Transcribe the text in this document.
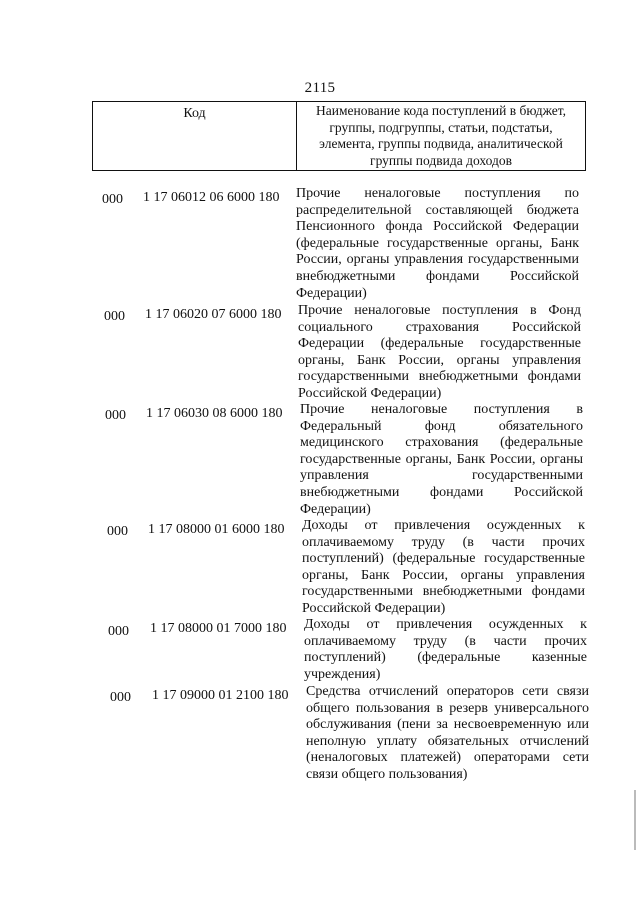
2115
Код	Наименование кода поступлений в бюджет, группы, подгруппы, статьи, подстатьи, элемента, группы подвида, аналитической группы подвида доходов
000 1 17 06012 06 6000 180 Прочие неналоговые поступления по распределительной составляющей бюджета Пенсионного фонда Российской Федерации (федеральные государственные органы, Банк России, органы управления государственными внебюджетными фондами Российской Федерации)
000 1 17 06020 07 6000 180 Прочие неналоговые поступления в Фонд социального страхования Российской Федерации (федеральные государственные органы, Банк России, органы управления государственными внебюджетными фондами Российской Федерации)
000 1 17 06030 08 6000 180 Прочие неналоговые поступления в Федеральный фонд обязательного медицинского страхования (федеральные государственные органы, Банк России, органы управления государственными внебюджетными фондами Российской Федерации)
000 1 17 08000 01 6000 180 Доходы от привлечения осужденных к оплачиваемому труду (в части прочих поступлений) (федеральные государственные органы, Банк России, органы управления государственными внебюджетными фондами Российской Федерации)
000 1 17 08000 01 7000 180 Доходы от привлечения осужденных к оплачиваемому труду (в части прочих поступлений) (федеральные казенные учреждения)
000 1 17 09000 01 2100 180 Средства отчислений операторов сети связи общего пользования в резерв универсального обслуживания (пени за несвоевременную или неполную уплату обязательных отчислений (неналоговых платежей) операторами сети связи общего пользования)
